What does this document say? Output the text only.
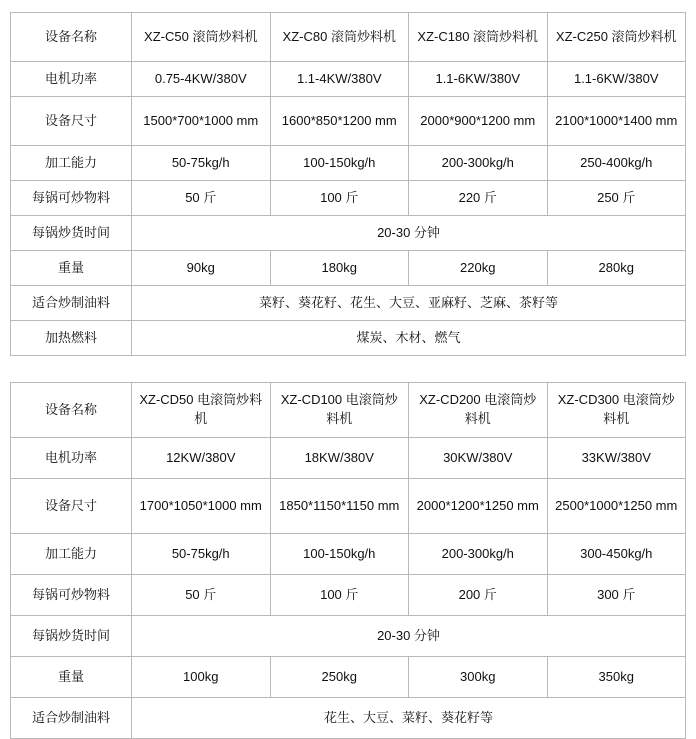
设备名称	XZ-C50 滚筒炒料机	XZ-C80 滚筒炒料机	XZ-C180 滚筒炒料机	XZ-C250 滚筒炒料机
电机功率	0.75-4KW/380V	1.1-4KW/380V	1.1-6KW/380V	1.1-6KW/380V
设备尺寸	1500*700*1000 mm	1600*850*1200 mm	2000*900*1200 mm	2100*1000*1400 mm
加工能力	50-75kg/h	100-150kg/h	200-300kg/h	250-400kg/h
每锅可炒物料	50 斤	100 斤	220 斤	250 斤
每锅炒货时间	20-30 分钟			
重量	90kg	180kg	220kg	280kg
适合炒制油料	菜籽、葵花籽、花生、大豆、亚麻籽、芝麻、茶籽等			
加热燃料	煤炭、木材、燃气			
设备名称	XZ-CD50 电滚筒炒料机	XZ-CD100 电滚筒炒料机	XZ-CD200 电滚筒炒料机	XZ-CD300 电滚筒炒料机
电机功率	12KW/380V	18KW/380V	30KW/380V	33KW/380V
设备尺寸	1700*1050*1000 mm	1850*1150*1150 mm	2000*1200*1250 mm	2500*1000*1250 mm
加工能力	50-75kg/h	100-150kg/h	200-300kg/h	300-450kg/h
每锅可炒物料	50 斤	100 斤	200 斤	300 斤
每锅炒货时间	20-30 分钟			
重量	100kg	250kg	300kg	350kg
适合炒制油料	花生、大豆、菜籽、葵花籽等			
